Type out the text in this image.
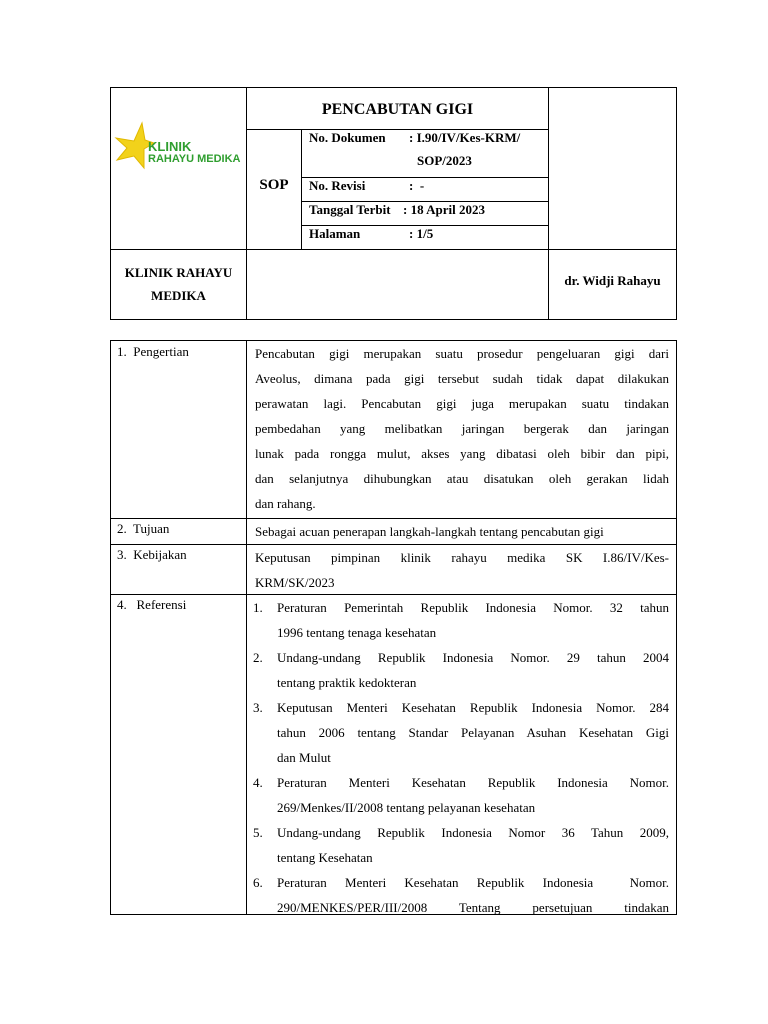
KLINIK
RAHAYU MEDIKA
PENCABUTAN GIGI
SOP
No. Dokumen : I.90/IV/Kes-KRM/
SOP/2023
No. Revisi	:  -
Tanggal Terbit : 18 April 2023
Halaman	: 1/5
KLINIK RAHAYU
MEDIKA
dr. Widji Rahayu
1.  Pengertian	Pencabutan gigi merupakan suatu prosedur pengeluaran gigi dari
Aveolus, dimana pada gigi tersebut sudah tidak dapat dilakukan
perawatan lagi. Pencabutan gigi juga merupakan suatu tindakan
pembedahan yang melibatkan jaringan bergerak dan jaringan
lunak pada rongga mulut, akses yang dibatasi oleh bibir dan pipi,
dan selanjutnya dihubungkan atau disatukan oleh gerakan lidah
dan rahang.
2.  Tujuan	Sebagai acuan penerapan langkah-langkah tentang pencabutan gigi
3.  Kebijakan	Keputusan pimpinan klinik rahayu medika SK I.86/IV/Kes-
KRM/SK/2023
4.   Referensi	1.	Peraturan Pemerintah Republik Indonesia Nomor. 32 tahun
1996 tentang tenaga kesehatan
2.	Undang-undang Republik Indonesia Nomor. 29 tahun 2004
tentang praktik kedokteran
3.	Keputusan Menteri Kesehatan Republik Indonesia Nomor. 284
tahun 2006 tentang Standar Pelayanan Asuhan Kesehatan Gigi
dan Mulut
4.	Peraturan Menteri Kesehatan Republik Indonesia Nomor.
269/Menkes/II/2008 tentang pelayanan kesehatan
5.	Undang-undang Republik Indonesia Nomor 36 Tahun 2009,
tentang Kesehatan
6.	Peraturan Menteri Kesehatan Republik Indonesia  Nomor.
290/MENKES/PER/III/2008  Tentang  persetujuan  tindakan
